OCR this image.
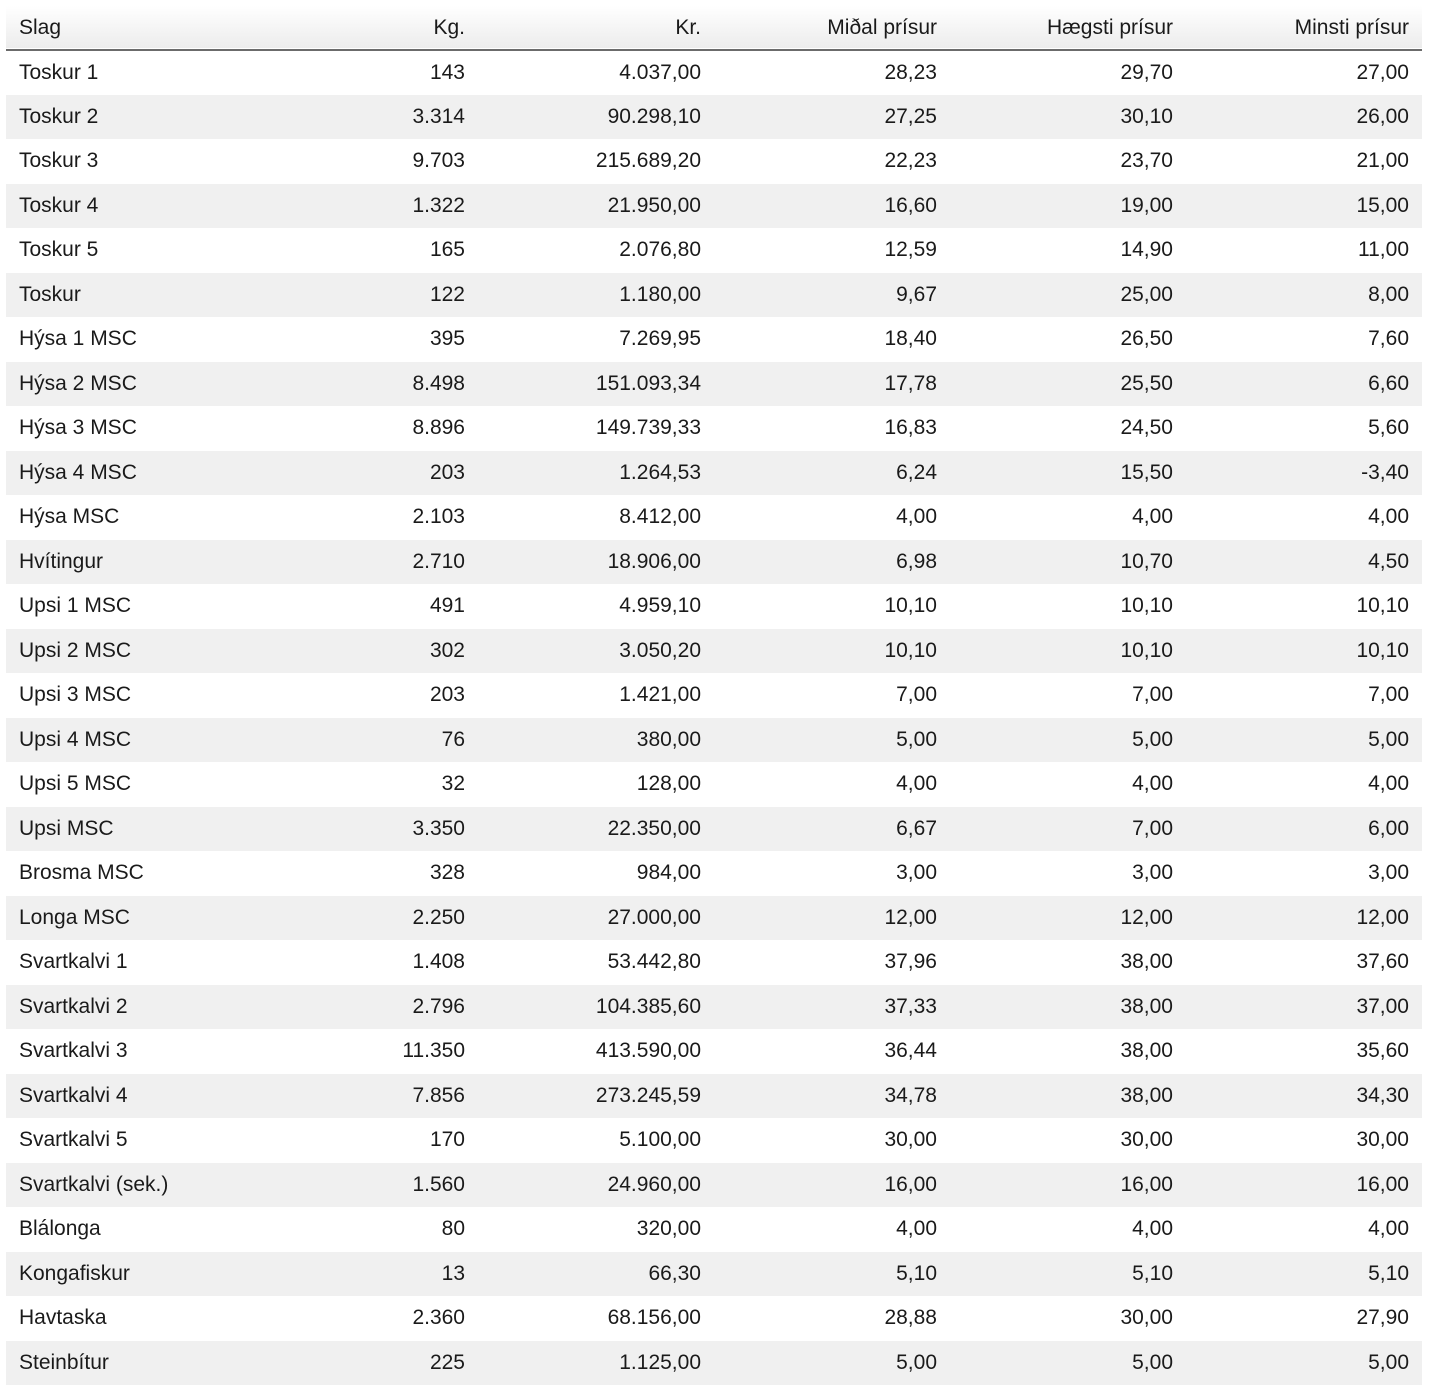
Slag	Kg.	Kr.	Miðal prísur	Hægsti prísur	Minsti prísur
Toskur 1	143	4.037,00	28,23	29,70	27,00
Toskur 2	3.314	90.298,10	27,25	30,10	26,00
Toskur 3	9.703	215.689,20	22,23	23,70	21,00
Toskur 4	1.322	21.950,00	16,60	19,00	15,00
Toskur 5	165	2.076,80	12,59	14,90	11,00
Toskur	122	1.180,00	9,67	25,00	8,00
Hýsa 1 MSC	395	7.269,95	18,40	26,50	7,60
Hýsa 2 MSC	8.498	151.093,34	17,78	25,50	6,60
Hýsa 3 MSC	8.896	149.739,33	16,83	24,50	5,60
Hýsa 4 MSC	203	1.264,53	6,24	15,50	-3,40
Hýsa MSC	2.103	8.412,00	4,00	4,00	4,00
Hvítingur	2.710	18.906,00	6,98	10,70	4,50
Upsi 1 MSC	491	4.959,10	10,10	10,10	10,10
Upsi 2 MSC	302	3.050,20	10,10	10,10	10,10
Upsi 3 MSC	203	1.421,00	7,00	7,00	7,00
Upsi 4 MSC	76	380,00	5,00	5,00	5,00
Upsi 5 MSC	32	128,00	4,00	4,00	4,00
Upsi MSC	3.350	22.350,00	6,67	7,00	6,00
Brosma MSC	328	984,00	3,00	3,00	3,00
Longa MSC	2.250	27.000,00	12,00	12,00	12,00
Svartkalvi 1	1.408	53.442,80	37,96	38,00	37,60
Svartkalvi 2	2.796	104.385,60	37,33	38,00	37,00
Svartkalvi 3	11.350	413.590,00	36,44	38,00	35,60
Svartkalvi 4	7.856	273.245,59	34,78	38,00	34,30
Svartkalvi 5	170	5.100,00	30,00	30,00	30,00
Svartkalvi (sek.)	1.560	24.960,00	16,00	16,00	16,00
Blálonga	80	320,00	4,00	4,00	4,00
Kongafiskur	13	66,30	5,10	5,10	5,10
Havtaska	2.360	68.156,00	28,88	30,00	27,90
Steinbítur	225	1.125,00	5,00	5,00	5,00
